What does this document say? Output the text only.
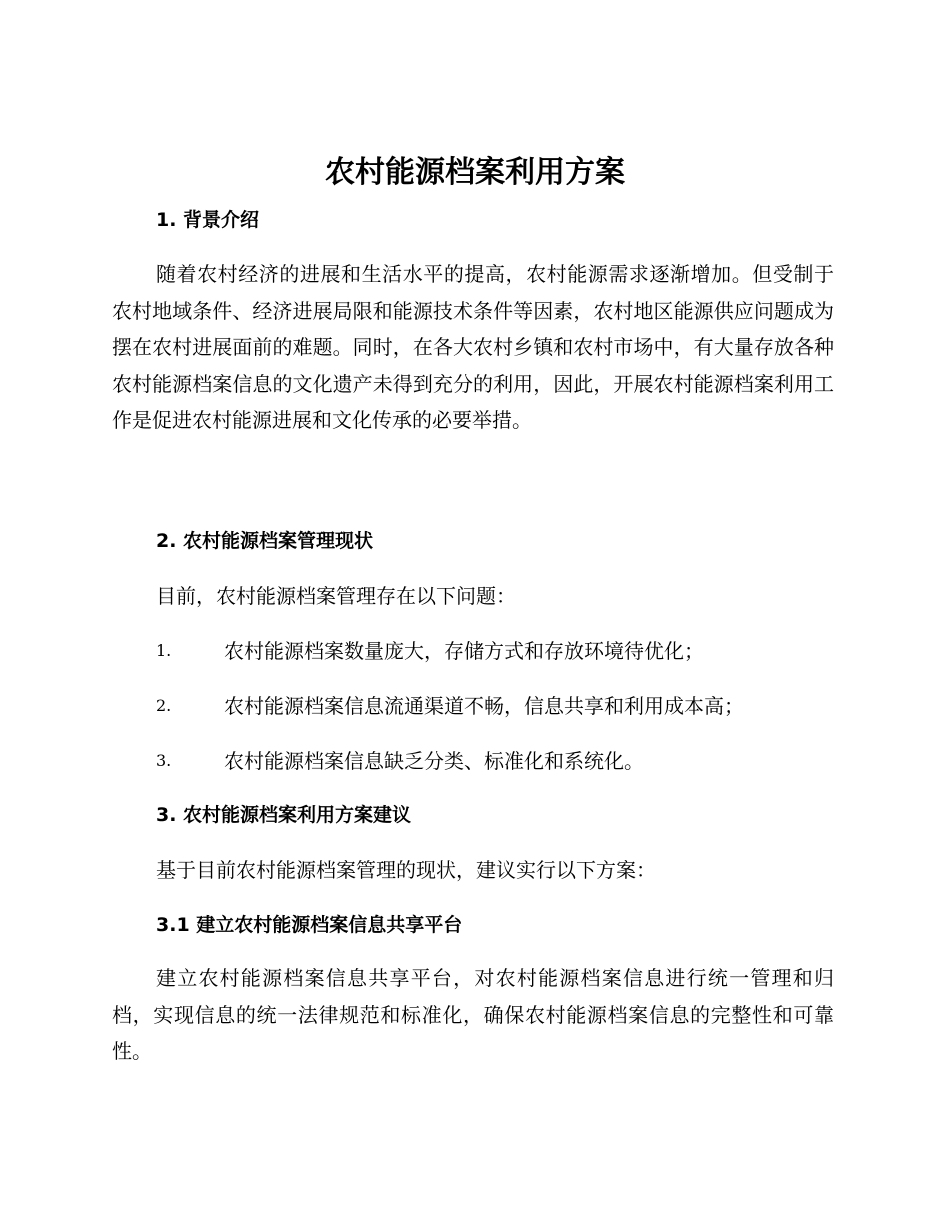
农村能源档案利用方案
1. 背景介绍

随着农村经济的进展和生活水平的提高，农村能源需求逐渐增加。但受制于农村地域条件、经济进展局限和能源技术条件等因素，农村地区能源供应问题成为摆在农村进展面前的难题。同时，在各大农村乡镇和农村市场中，有大量存放各种农村能源档案信息的文化遗产未得到充分的利用，因此，开展农村能源档案利用工作是促进农村能源进展和文化传承的必要举措。

2. 农村能源档案管理现状

目前，农村能源档案管理存在以下问题：

1.	农村能源档案数量庞大，存储方式和存放环境待优化；
2.	农村能源档案信息流通渠道不畅，信息共享和利用成本高；
3.	农村能源档案信息缺乏分类、标准化和系统化。
3. 农村能源档案利用方案建议

基于目前农村能源档案管理的现状，建议实行以下方案：

3.1 建立农村能源档案信息共享平台

建立农村能源档案信息共享平台，对农村能源档案信息进行统一管理和归档，实现信息的统一法律规范和标准化，确保农村能源档案信息的完整性和可靠性。
